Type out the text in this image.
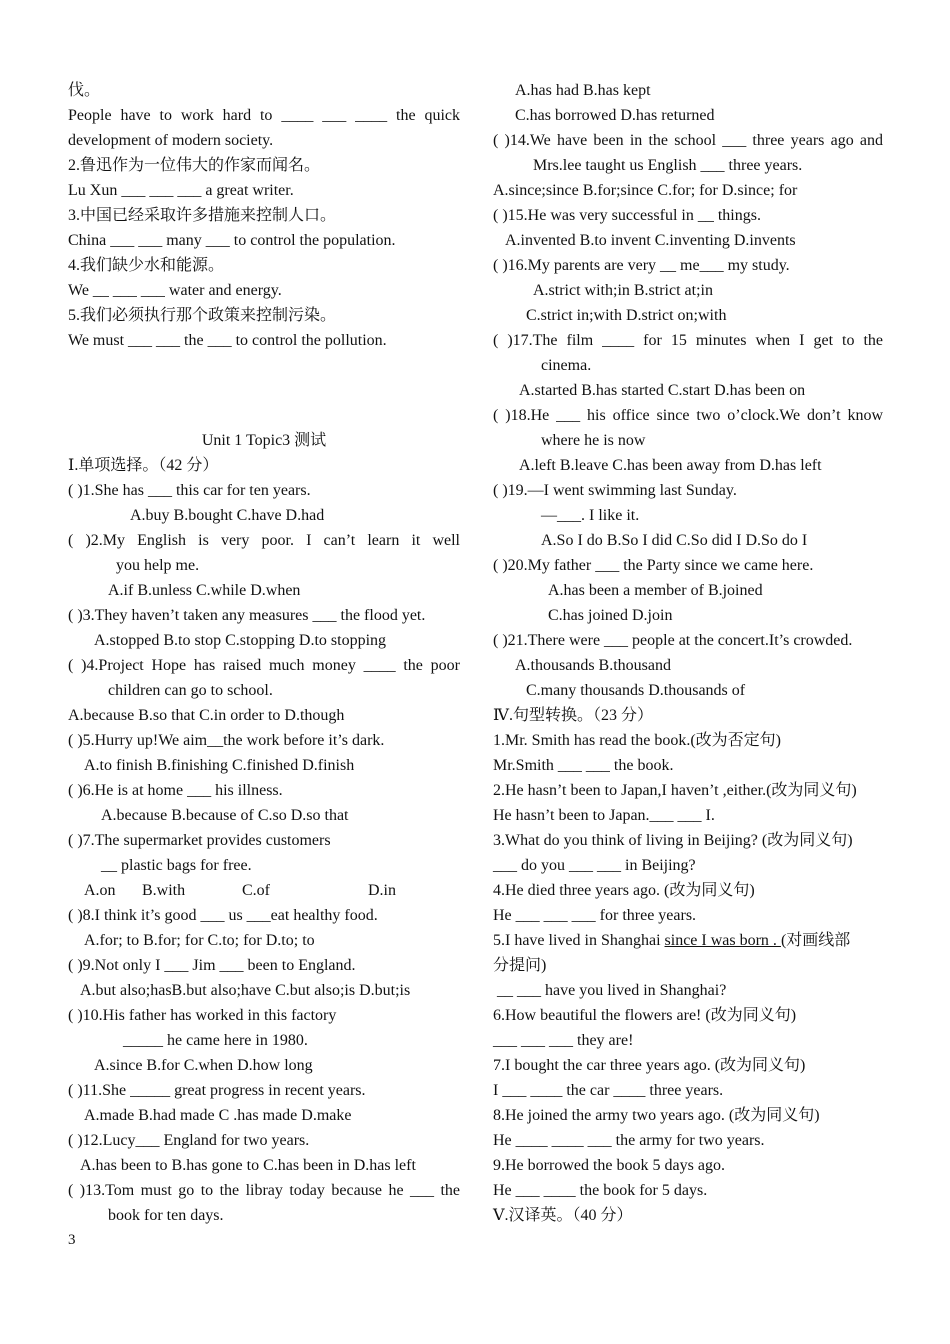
伐。
People have to work hard to ____ ___ ____ the quick
development of modern society.
2.鲁迅作为一位伟大的作家而闻名。
Lu Xun ___ ___ ___ a great writer.
3.中国已经采取许多措施来控制人口。
China ___ ___ many ___ to control the population.
4.我们缺少水和能源。
We __ ___ ___ water and energy.
5.我们必须执行那个政策来控制污染。
We must ___ ___ the ___ to control the pollution.
Unit 1 Topic3 测试
Ⅰ.单项选择。（42 分）
( )1.She has ___ this car for ten years.
A.buy B.bought C.have D.had
( )2.My English is very poor. I can’t learn it well
you help me.
A.if B.unless C.while D.when
( )3.They haven’t taken any measures ___ the flood yet.
A.stopped B.to stop C.stopping D.to stopping
( )4.Project Hope has raised much money ____ the poor
children can go to school.
A.because B.so that C.in order to D.though
( )5.Hurry up!We aim__the work before it’s dark.
A.to finish B.finishing C.finished D.finish
( )6.He is at home ___ his illness.
A.because B.because of C.so D.so that
( )7.The supermarket provides customers
__ plastic bags for free.
A.on	B.with	C.of	D.in
( )8.I think it’s good ___ us ___eat healthy food.
A.for; to B.for; for C.to; for D.to; to
( )9.Not only I ___ Jim ___ been to England.
A.but also;hasB.but also;have C.but also;is D.but;is
( )10.His father has worked in this factory
_____ he came here in 1980.
A.since B.for C.when D.how long
( )11.She _____ great progress in recent years.
A.made B.had made C .has made D.make
( )12.Lucy___ England for two years.
A.has been to B.has gone to C.has been in D.has left
( )13.Tom must go to the libray today because he ___ the
book for ten days.
A.has had B.has kept
C.has borrowed D.has returned
( )14.We have been in the school ___ three years ago and
Mrs.lee taught us English ___ three years.
A.since;since B.for;since C.for; for D.since; for
( )15.He was very successful in __ things.
A.invented B.to invent C.inventing D.invents
( )16.My parents are very __ me___ my study.
A.strict with;in B.strict at;in
C.strict in;with D.strict on;with
( )17.The film ____ for 15 minutes when I get to the
cinema.
A.started B.has started C.start D.has been on
( )18.He ___ his office since two o’clock.We don’t know
where he is now
A.left B.leave C.has been away from D.has left
( )19.—I went swimming last Sunday.
—___. I like it.
A.So I do B.So I did C.So did I D.So do I
( )20.My father ___ the Party since we came here.
A.has been a member of B.joined
C.has joined D.join
( )21.There were ___ people at the concert.It’s crowded.
A.thousands B.thousand
C.many thousands D.thousands of
Ⅳ.句型转换。（23 分）
1.Mr. Smith has read the book.(改为否定句)
Mr.Smith ___ ___ the book.
2.He hasn’t been to Japan,I haven’t ,either.(改为同义句)
He hasn’t been to Japan.___ ___ I.
3.What do you think of living in Beijing? (改为同义句)
___ do you ___ ___ in Beijing?
4.He died three years ago. (改为同义句)
He ___ ___ ___ for three years.
5.I have lived in Shanghai since I was born . (对画线部
分提问)
__ ___ have you lived in Shanghai?
6.How beautiful the flowers are! (改为同义句)
___ ___ ___ they are!
7.I bought the car three years ago. (改为同义句)
I ___ ____ the car ____ three years.
8.He joined the army two years ago. (改为同义句)
He ____ ____ ___ the army for two years.
9.He borrowed the book 5 days ago.
He ___ ____ the book for 5 days.
Ⅴ.汉译英。（40 分）
3
